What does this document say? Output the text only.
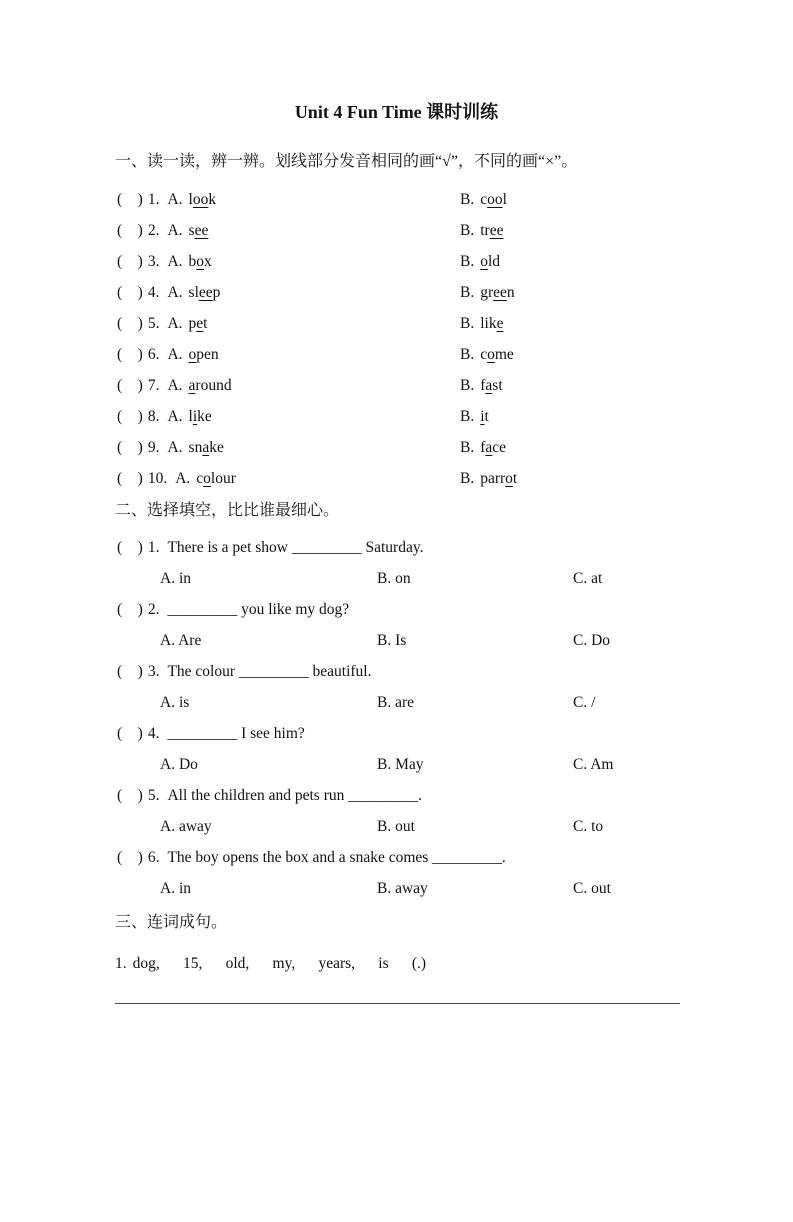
Unit 4 Fun Time 课时训练
一、读一读，辨一辨。划线部分发音相同的画“√”，不同的画“×”。
(　) 1. A. look	B. cool
(　) 2. A. see	B. tree
(　) 3. A. box	B. old
(　) 4. A. sleep	B. green
(　) 5. A. pet	B. like
(　) 6. A. open	B. come
(　) 7. A. around	B. fast
(　) 8. A. like	B. it
(　) 9. A. snake	B. face
(　) 10. A. colour	B. parrot
二、选择填空，比比谁最细心。
(　) 1. There is a pet show _________ Saturday.
A. in	B. on	C. at
(　) 2. _________ you like my dog?
A. Are	B. Is	C. Do
(　) 3. The colour _________ beautiful.
A. is	B. are	C. /
(　) 4. _________ I see him?
A. Do	B. May	C. Am
(　) 5. All the children and pets run _________.
A. away	B. out	C. to
(　) 6. The boy opens the box and a snake comes _________.
A. in	B. away	C. out
三、连词成句。
1. dog,      15,      old,      my,      years,      is      (.)
